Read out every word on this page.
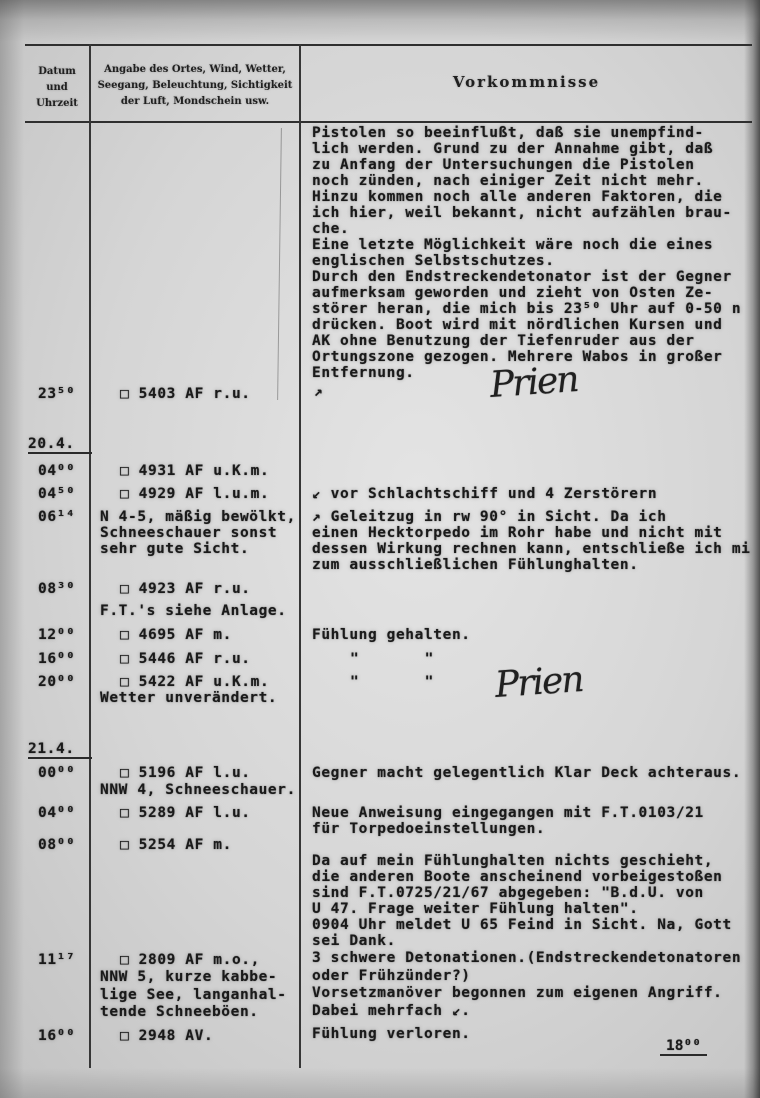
Datum
und
Uhrzeit
Angabe des Ortes, Wind, Wetter,
Seegang, Beleuchtung, Sichtigkeit
der Luft, Mondschein usw.
Vorkommnisse
Pistolen so beeinflußt, daß sie unempfind-
lich werden. Grund zu der Annahme gibt, daß
zu Anfang der Untersuchungen die Pistolen
noch zünden, nach einiger Zeit nicht mehr.
Hinzu kommen noch alle anderen Faktoren, die
ich hier, weil bekannt, nicht aufzählen brau-
che.
Eine letzte Möglichkeit wäre noch die eines
englischen Selbstschutzes.
Durch den Endstreckendetonator ist der Gegner
aufmerksam geworden und zieht von Osten Ze-
störer heran, die mich bis 23⁵⁰ Uhr auf 0-50 n
drücken. Boot wird mit nördlichen Kursen und
AK ohne Benutzung der Tiefenruder aus der
Ortungszone gezogen. Mehrere Wabos in großer
Entfernung.
23⁵⁰	□ 5403 AF r.u.	↗	Prien
20.4.
04⁰⁰	□ 4931 AF u.K.m.
04⁵⁰	□ 4929 AF l.u.m.	↙ vor Schlachtschiff und 4 Zerstörern
06¹⁴ N 4-5, mäßig bewölkt,
Schneeschauer sonst
sehr gute Sicht.
↗ Geleitzug in rw 90° in Sicht. Da ich
einen Hecktorpedo im Rohr habe und nicht mit
dessen Wirkung rechnen kann, entschließe ich mi
zum ausschließlichen Fühlunghalten.
08³⁰	□ 4923 AF r.u.
F.T.'s siehe Anlage.
12⁰⁰	□ 4695 AF m.	Fühlung gehalten.
16⁰⁰	□ 5446 AF r.u.	"       "
20⁰⁰	□ 5422 AF u.K.m.
Wetter unverändert.
"       " Prien
21.4.
00⁰⁰	□ 5196 AF l.u.
NNW 4, Schneeschauer.
Gegner macht gelegentlich Klar Deck achteraus.
04⁰⁰	□ 5289 AF l.u.	Neue Anweisung eingegangen mit F.T.0103/21
für Torpedoeinstellungen.
08⁰⁰	□ 5254 AF m.
Da auf mein Fühlunghalten nichts geschieht,
die anderen Boote anscheinend vorbeigestoßen
sind F.T.0725/21/67 abgegeben: "B.d.U. von
U 47. Frage weiter Fühlung halten".
0904 Uhr meldet U 65 Feind in Sicht. Na, Gott
sei Dank.
11¹⁷	□ 2809 AF m.o.,
NNW 5, kurze kabbe-
lige See, langanhal-
tende Schneeböen.
3 schwere Detonationen.(Endstreckendetonatoren
oder Frühzünder?)
Vorsetzmanöver begonnen zum eigenen Angriff.
Dabei mehrfach ↙.
16⁰⁰	□ 2948 AV.	Fühlung verloren.
18⁰⁰
